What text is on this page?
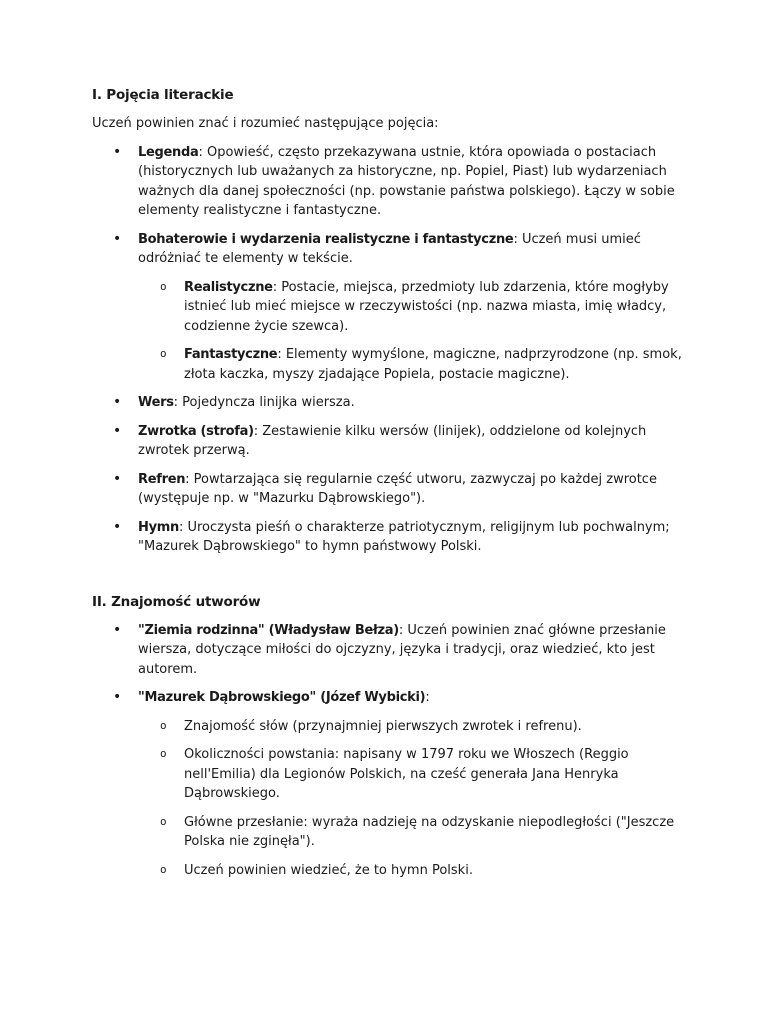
I. Pojęcia literackie

Uczeń powinien znać i rozumieć następujące pojęcia:

• Legenda: Opowieść, często przekazywana ustnie, która opowiada o postaciach (historycznych lub uważanych za historyczne, np. Popiel, Piast) lub wydarzeniach ważnych dla danej społeczności (np. powstanie państwa polskiego). Łączy w sobie elementy realistyczne i fantastyczne.
• Bohaterowie i wydarzenia realistyczne i fantastyczne: Uczeń musi umieć odróżniać te elementy w tekście.
o Realistyczne: Postacie, miejsca, przedmioty lub zdarzenia, które mogłyby istnieć lub mieć miejsce w rzeczywistości (np. nazwa miasta, imię władcy, codzienne życie szewca).
o Fantastyczne: Elementy wymyślone, magiczne, nadprzyrodzone (np. smok, złota kaczka, myszy zjadające Popiela, postacie magiczne).
• Wers: Pojedyncza linijka wiersza.
• Zwrotka (strofa): Zestawienie kilku wersów (linijek), oddzielone od kolejnych zwrotek przerwą.
• Refren: Powtarzająca się regularnie część utworu, zazwyczaj po każdej zwrotce (występuje np. w "Mazurku Dąbrowskiego").
• Hymn: Uroczysta pieśń o charakterze patriotycznym, religijnym lub pochwalnym; "Mazurek Dąbrowskiego" to hymn państwowy Polski.
II. Znajomość utworów
• "Ziemia rodzinna" (Władysław Bełza): Uczeń powinien znać główne przesłanie wiersza, dotyczące miłości do ojczyzny, języka i tradycji, oraz wiedzieć, kto jest autorem.
• "Mazurek Dąbrowskiego" (Józef Wybicki):
o Znajomość słów (przynajmniej pierwszych zwrotek i refrenu).
o Okoliczności powstania: napisany w 1797 roku we Włoszech (Reggio nell'Emilia) dla Legionów Polskich, na cześć generała Jana Henryka Dąbrowskiego.
o Główne przesłanie: wyraża nadzieję na odzyskanie niepodległości ("Jeszcze Polska nie zginęła").
o Uczeń powinien wiedzieć, że to hymn Polski.
